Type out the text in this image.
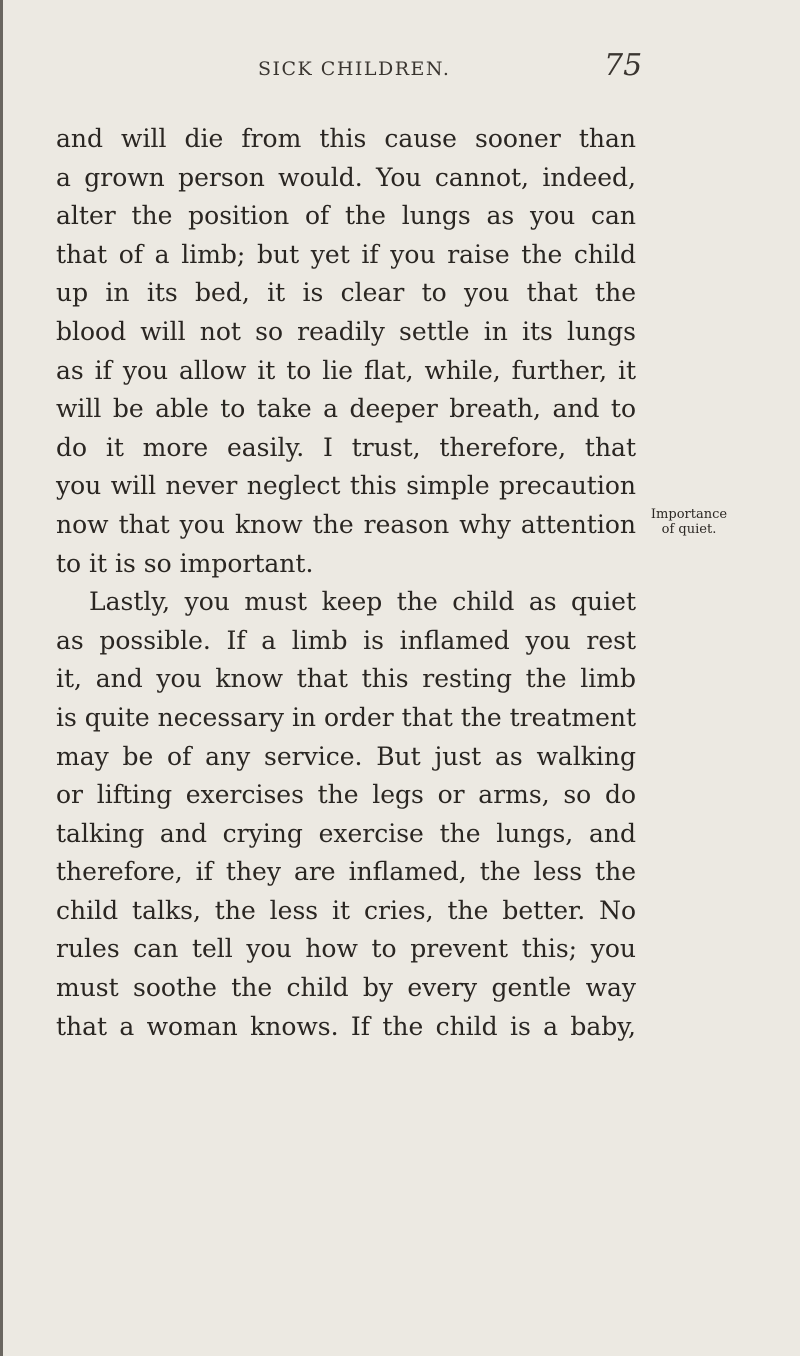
SICK CHILDREN.	75
Importance
of quiet.
and will die from this cause sooner than
a grown person would. You cannot, indeed,
alter the position of the lungs as you can
that of a limb; but yet if you raise the child
up in its bed, it is clear to you that the
blood will not so readily settle in its lungs
as if you allow it to lie flat, while, further, it
will be able to take a deeper breath, and to
do it more easily. I trust, therefore, that
you will never neglect this simple precaution
now that you know the reason why attention
to it is so important.
Lastly, you must keep the child as quiet
as possible. If a limb is inflamed you rest
it, and you know that this resting the limb
is quite necessary in order that the treatment
may be of any service. But just as walking
or lifting exercises the legs or arms, so do
talking and crying exercise the lungs, and
therefore, if they are inflamed, the less the
child talks, the less it cries, the better. No
rules can tell you how to prevent this; you
must soothe the child by every gentle way
that a woman knows. If the child is a baby,
